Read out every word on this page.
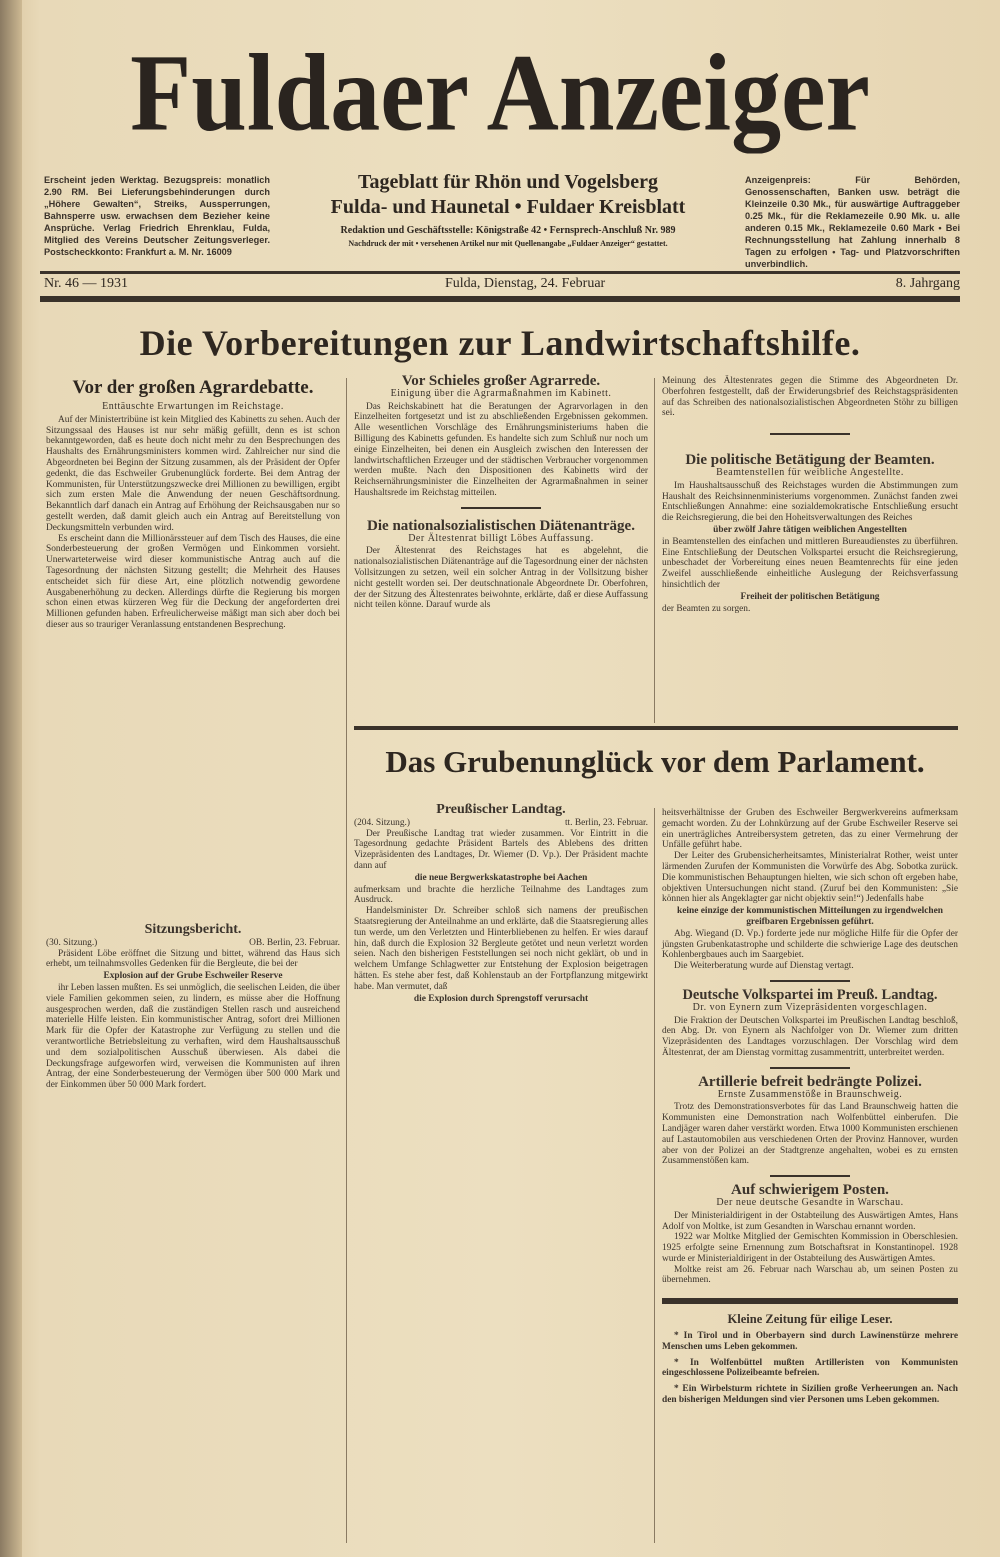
Fuldaer Anzeiger
Erscheint jeden Werktag. Bezugspreis: monatlich 2.90 RM. Bei Lieferungsbehinderungen durch „Höhere Gewalten“, Streiks, Aussperrungen, Bahnsperre usw. erwachsen dem Bezieher keine Ansprüche. Verlag Friedrich Ehrenklau, Fulda, Mitglied des Vereins Deutscher Zeitungsverleger. Postscheckkonto: Frankfurt a. M. Nr. 16009
Tageblatt für Rhön und Vogelsberg
Fulda- und Haunetal • Fuldaer Kreisblatt
Redaktion und Geschäftsstelle: Königstraße 42 • Fernsprech-Anschluß Nr. 989
Nachdruck der mit • versehenen Artikel nur mit Quellenangabe „Fuldaer Anzeiger“ gestattet.
Anzeigenpreis: Für Behörden, Genossenschaften, Banken usw. beträgt die Kleinzeile 0.30 Mk., für auswärtige Auftraggeber 0.25 Mk., für die Reklamezeile 0.90 Mk. u. alle anderen 0.15 Mk., Reklamezeile 0.60 Mark • Bei Rechnungsstellung hat Zahlung innerhalb 8 Tagen zu erfolgen • Tag- und Platzvorschriften unverbindlich.
Nr. 46 — 1931	Fulda, Dienstag, 24. Februar	8. Jahrgang
Die Vorbereitungen zur Landwirtschaftshilfe.
Vor der großen Agrardebatte.
Enttäuschte Erwartungen im Reichstage.

Auf der Ministertribüne ist kein Mitglied des Kabinetts zu sehen. Auch der Sitzungssaal des Hauses ist nur sehr mäßig gefüllt, denn es ist schon bekanntgeworden, daß es heute doch nicht mehr zu den Besprechungen des Haushalts des Ernährungsministers kommen wird. Zahlreicher nur sind die Abgeordneten bei Beginn der Sitzung zusammen, als der Präsident der Opfer gedenkt, die das Eschweiler Grubenunglück forderte. Bei dem Antrag der Kommunisten, für Unterstützungszwecke drei Millionen zu bewilligen, ergibt sich zum ersten Male die Anwendung der neuen Geschäftsordnung. Bekanntlich darf danach ein Antrag auf Erhöhung der Reichsausgaben nur so gestellt werden, daß damit gleich auch ein Antrag auf Bereitstellung von Deckungsmitteln verbunden wird.

Es erscheint dann die Millionärssteuer auf dem Tisch des Hauses, die eine Sonderbesteuerung der großen Vermögen und Einkommen vorsieht. Unerwarteterweise wird dieser kommunistische Antrag auch auf die Tagesordnung der nächsten Sitzung gestellt; die Mehrheit des Hauses entscheidet sich für diese Art, eine plötzlich notwendig gewordene Ausgabenerhöhung zu decken. Allerdings dürfte die Regierung bis morgen schon einen etwas kürzeren Weg für die Deckung der angeforderten drei Millionen gefunden haben. Erfreulicherweise mäßigt man sich aber doch bei dieser aus so trauriger Veranlassung entstandenen Besprechung.

Sitzungsbericht.
(30. Sitzung.)	OB. Berlin, 23. Februar.

Präsident Löbe eröffnet die Sitzung und bittet, während das Haus sich erhebt, um teilnahmsvolles Gedenken für die Bergleute, die bei der

Explosion auf der Grube Eschweiler Reserve

ihr Leben lassen mußten. Es sei unmöglich, die seelischen Leiden, die über viele Familien gekommen seien, zu lindern, es müsse aber die Hoffnung ausgesprochen werden, daß die zuständigen Stellen rasch und ausreichend materielle Hilfe leisten. Ein kommunistischer Antrag, sofort drei Millionen Mark für die Opfer der Katastrophe zur Verfügung zu stellen und die verantwortliche Betriebsleitung zu verhaften, wird dem Haushaltsausschuß und dem sozialpolitischen Ausschuß überwiesen. Als dabei die Deckungsfrage aufgeworfen wird, verweisen die Kommunisten auf ihren Antrag, der eine Sonderbesteuerung der Vermögen über 500 000 Mark und der Einkommen über 50 000 Mark fordert.

Vor Schieles großer Agrarrede.
Einigung über die Agrarmaßnahmen im Kabinett.

Das Reichskabinett hat die Beratungen der Agrarvorlagen in den Einzelheiten fortgesetzt und ist zu abschließenden Ergebnissen gekommen. Alle wesentlichen Vorschläge des Ernährungsministeriums haben die Billigung des Kabinetts gefunden. Es handelte sich zum Schluß nur noch um einige Einzelheiten, bei denen ein Ausgleich zwischen den Interessen der landwirtschaftlichen Erzeuger und der städtischen Verbraucher vorgenommen werden mußte. Nach den Dispositionen des Kabinetts wird der Reichsernährungsminister die Einzelheiten der Agrarmaßnahmen in seiner Haushaltsrede im Reichstag mitteilen.

Die nationalsozialistischen Diätenanträge.
Der Ältestenrat billigt Löbes Auffassung.

Der Ältestenrat des Reichstages hat es abgelehnt, die nationalsozialistischen Diätenanträge auf die Tagesordnung einer der nächsten Vollsitzungen zu setzen, weil ein solcher Antrag in der Vollsitzung bisher nicht gestellt worden sei. Der deutschnationale Abgeordnete Dr. Oberfohren, der der Sitzung des Ältestenrates beiwohnte, erklärte, daß er diese Auffassung nicht teilen könne. Darauf wurde als

Meinung des Ältestenrates gegen die Stimme des Abgeordneten Dr. Oberfohren festgestellt, daß der Erwiderungsbrief des Reichstagspräsidenten auf das Schreiben des nationalsozialistischen Abgeordneten Stöhr zu billigen sei.

Die politische Betätigung der Beamten.
Beamtenstellen für weibliche Angestellte.

Im Haushaltsausschuß des Reichstages wurden die Abstimmungen zum Haushalt des Reichsinnenministeriums vorgenommen. Zunächst fanden zwei Entschließungen Annahme: eine sozialdemokratische Entschließung ersucht die Reichsregierung, die bei den Hoheitsverwaltungen des Reiches

über zwölf Jahre tätigen weiblichen Angestellten

in Beamtenstellen des einfachen und mittleren Bureaudienstes zu überführen. Eine Entschließung der Deutschen Volkspartei ersucht die Reichsregierung, unbeschadet der Vorbereitung eines neuen Beamtenrechts für eine jeden Zweifel ausschließende einheitliche Auslegung der Reichsverfassung hinsichtlich der

Freiheit der politischen Betätigung

der Beamten zu sorgen.

Das Grubenunglück vor dem Parlament.
Preußischer Landtag.
(204. Sitzung.)	tt. Berlin, 23. Februar.

Der Preußische Landtag trat wieder zusammen. Vor Eintritt in die Tagesordnung gedachte Präsident Bartels des Ablebens des dritten Vizepräsidenten des Landtages, Dr. Wiemer (D. Vp.). Der Präsident machte dann auf

die neue Bergwerkskatastrophe bei Aachen

aufmerksam und brachte die herzliche Teilnahme des Landtages zum Ausdruck.

Handelsminister Dr. Schreiber schloß sich namens der preußischen Staatsregierung der Anteilnahme an und erklärte, daß die Staatsregierung alles tun werde, um den Verletzten und Hinterbliebenen zu helfen. Er wies darauf hin, daß durch die Explosion 32 Bergleute getötet und neun verletzt worden seien. Nach den bisherigen Feststellungen sei noch nicht geklärt, ob und in welchem Umfange Schlagwetter zur Entstehung der Explosion beigetragen hätten. Es stehe aber fest, daß Kohlenstaub an der Fortpflanzung mitgewirkt habe. Man vermutet, daß

die Explosion durch Sprengstoff verursacht

heitsverhältnisse der Gruben des Eschweiler Bergwerkvereins aufmerksam gemacht worden. Zu der Lohnkürzung auf der Grube Eschweiler Reserve sei ein unerträgliches Antreibersystem getreten, das zu einer Vermehrung der Unfälle geführt habe.

Der Leiter des Grubensicherheitsamtes, Ministerialrat Rother, weist unter lärmenden Zurufen der Kommunisten die Vorwürfe des Abg. Sobotka zurück. Die kommunistischen Behauptungen hielten, wie sich schon oft ergeben habe, objektiven Untersuchungen nicht stand. (Zuruf bei den Kommunisten: „Sie können hier als Angeklagter gar nicht objektiv sein!“) Jedenfalls habe

keine einzige der kommunistischen Mitteilungen zu irgendwelchen greifbaren Ergebnissen geführt.

Abg. Wiegand (D. Vp.) forderte jede nur mögliche Hilfe für die Opfer der jüngsten Grubenkatastrophe und schilderte die schwierige Lage des deutschen Kohlenbergbaues auch im Saargebiet.

Die Weiterberatung wurde auf Dienstag vertagt.

Deutsche Volkspartei im Preuß. Landtag.
Dr. von Eynern zum Vizepräsidenten vorgeschlagen.

Die Fraktion der Deutschen Volkspartei im Preußischen Landtag beschloß, den Abg. Dr. von Eynern als Nachfolger von Dr. Wiemer zum dritten Vizepräsidenten des Landtages vorzuschlagen. Der Vorschlag wird dem Ältestenrat, der am Dienstag vormittag zusammentritt, unterbreitet werden.

Artillerie befreit bedrängte Polizei.
Ernste Zusammenstöße in Braunschweig.

Trotz des Demonstrationsverbotes für das Land Braunschweig hatten die Kommunisten eine Demonstration nach Wolfenbüttel einberufen. Die Landjäger waren daher verstärkt worden. Etwa 1000 Kommunisten erschienen auf Lastautomobilen aus verschiedenen Orten der Provinz Hannover, wurden aber von der Polizei an der Stadtgrenze angehalten, wobei es zu ernsten Zusammenstößen kam.

Auf schwierigem Posten.
Der neue deutsche Gesandte in Warschau.

Der Ministerialdirigent in der Ostabteilung des Auswärtigen Amtes, Hans Adolf von Moltke, ist zum Gesandten in Warschau ernannt worden.

1922 war Moltke Mitglied der Gemischten Kommission in Oberschlesien. 1925 erfolgte seine Ernennung zum Botschaftsrat in Konstantinopel. 1928 wurde er Ministerialdirigent in der Ostabteilung des Auswärtigen Amtes.

Moltke reist am 26. Februar nach Warschau ab, um seinen Posten zu übernehmen.

Kleine Zeitung für eilige Leser.

* In Tirol und in Oberbayern sind durch Lawinenstürze mehrere Menschen ums Leben gekommen.

* In Wolfenbüttel mußten Artilleristen von Kommunisten eingeschlossene Polizeibeamte befreien.

* Ein Wirbelsturm richtete in Sizilien große Verheerungen an. Nach den bisherigen Meldungen sind vier Personen ums Leben gekommen.
